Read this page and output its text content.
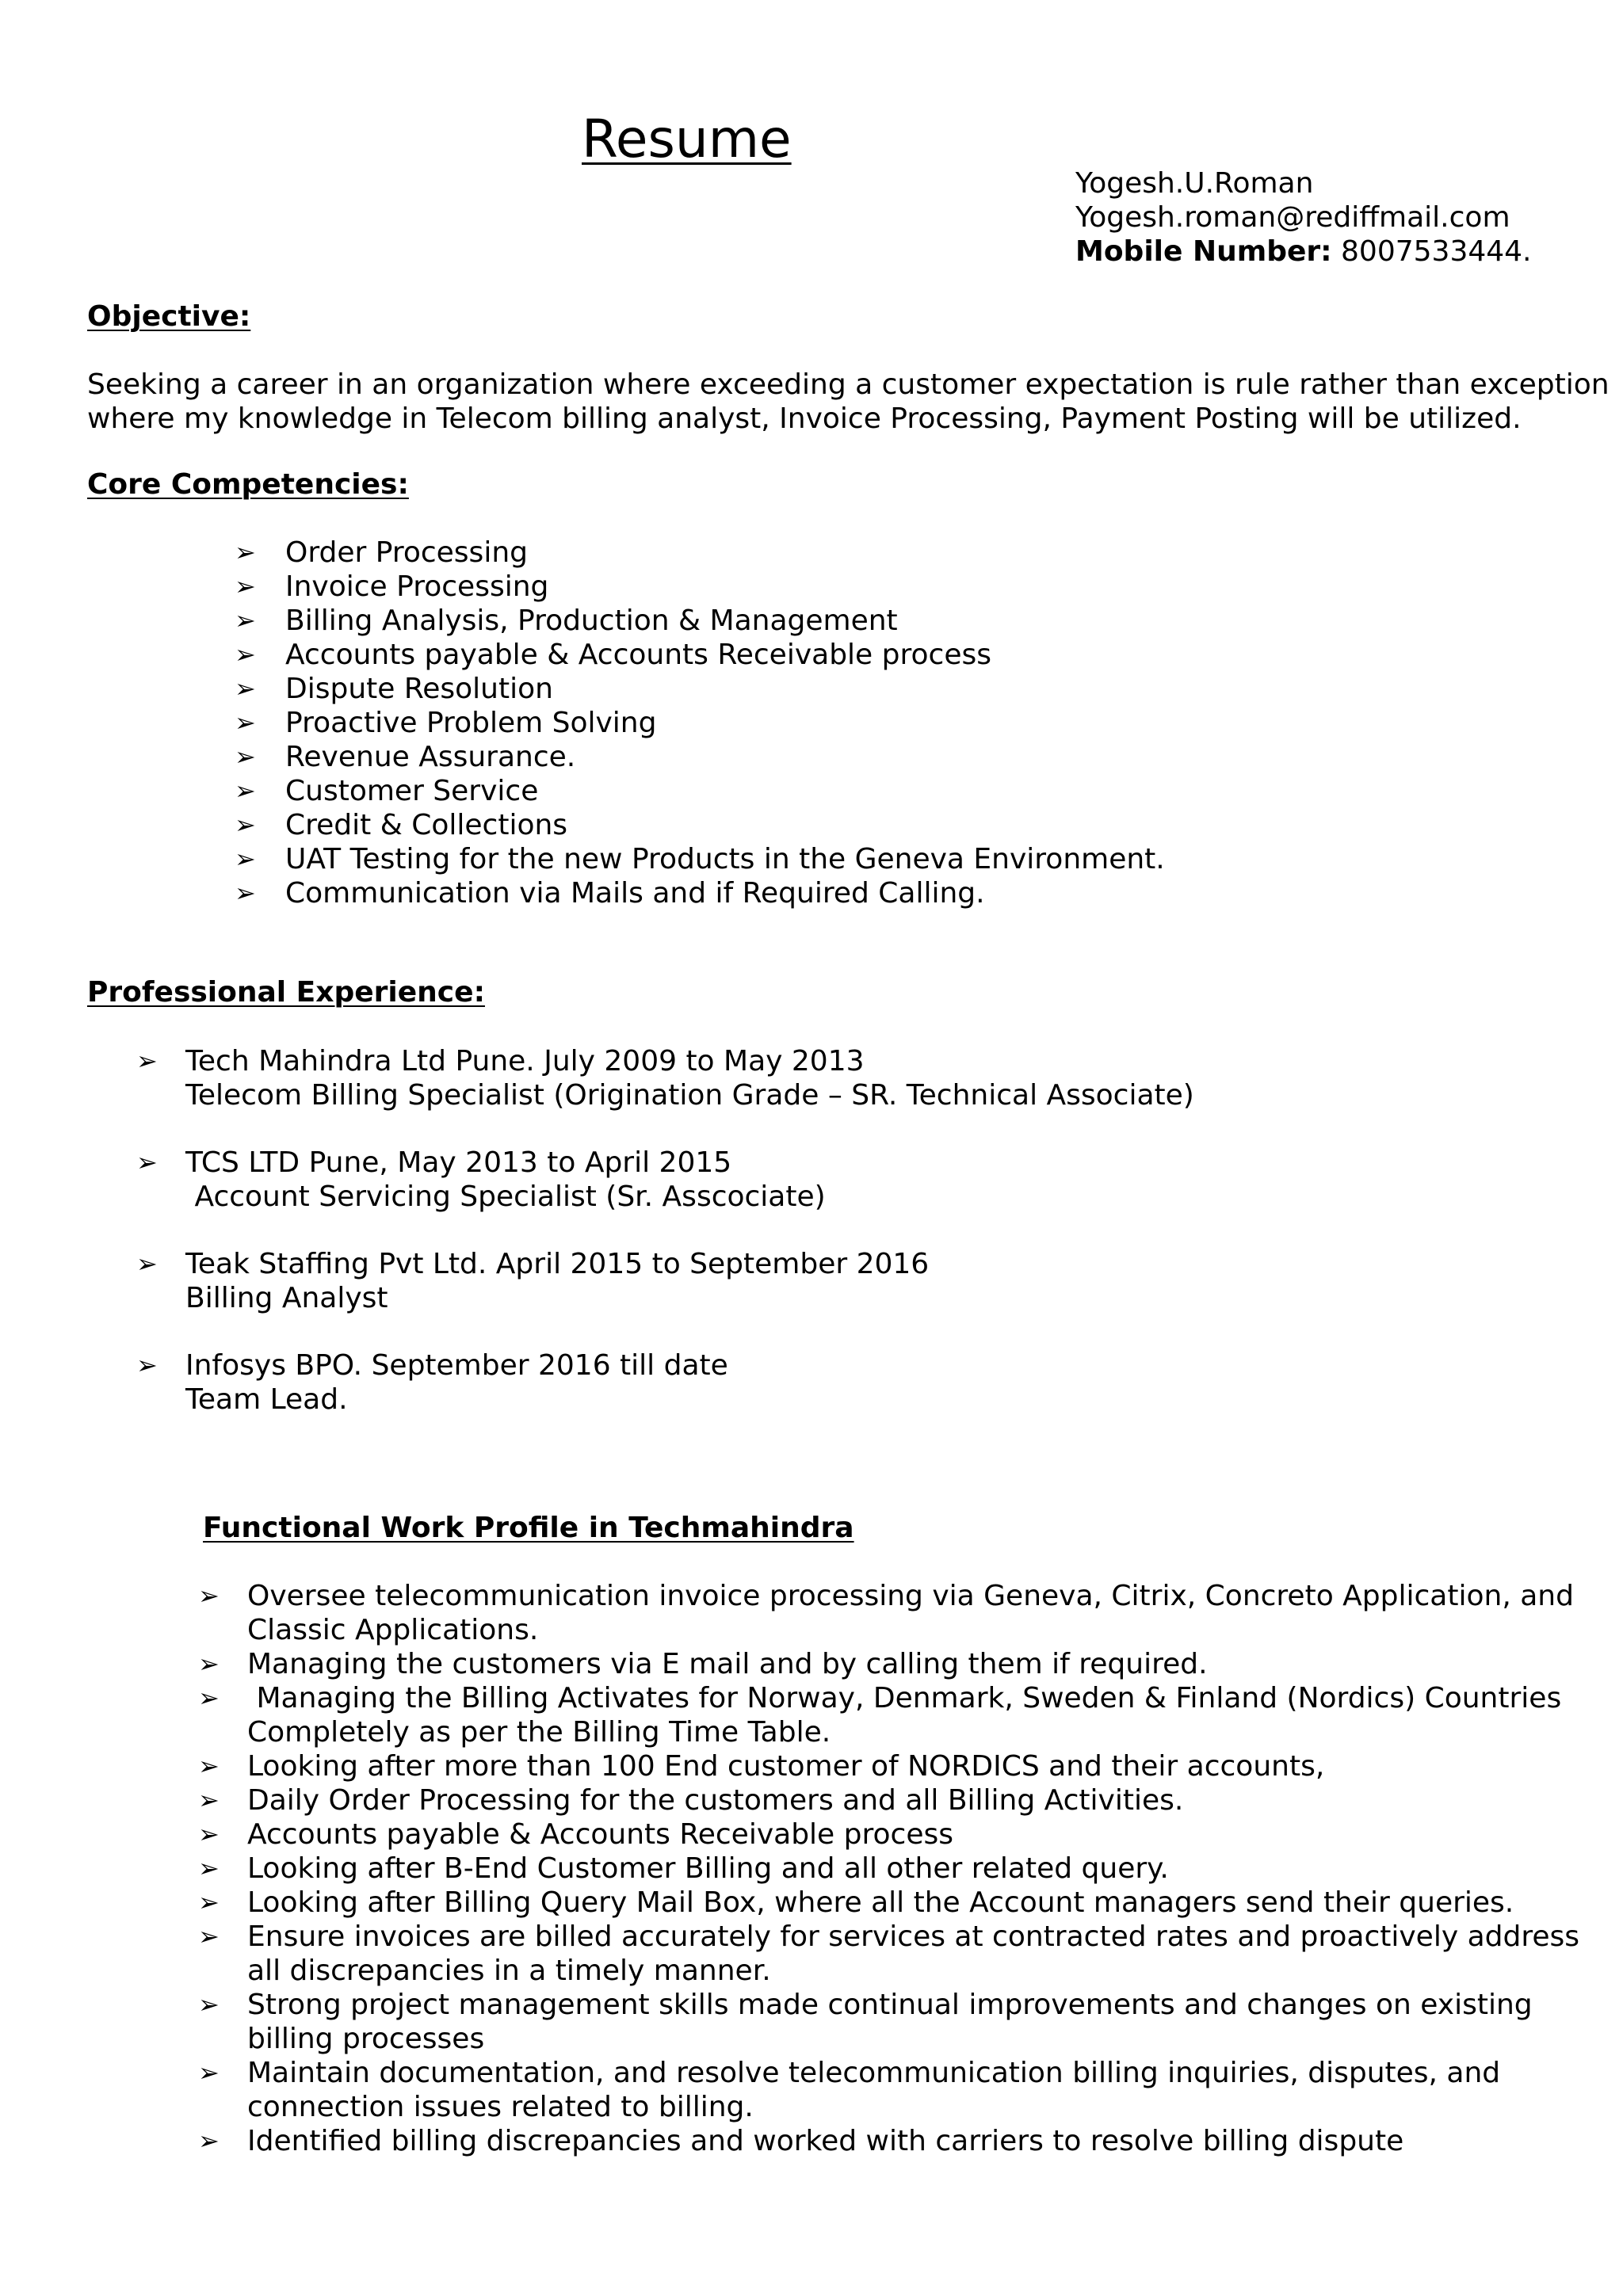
Resume
Yogesh.U.Roman
Yogesh.roman@rediffmail.com
Mobile Number: 8007533444.
Objective:
Seeking a career in an organization where exceeding a customer expectation is rule rather than exception
where my knowledge in Telecom billing analyst, Invoice Processing, Payment Posting will be utilized.
Core Competencies:
➢ Order Processing
➢ Invoice Processing
➢ Billing Analysis, Production & Management
➢ Accounts payable & Accounts Receivable process
➢ Dispute Resolution
➢ Proactive Problem Solving
➢ Revenue Assurance.
➢ Customer Service
➢ Credit & Collections
➢ UAT Testing for the new Products in the Geneva Environment.
➢ Communication via Mails and if Required Calling.
Professional Experience:
➢ Tech Mahindra Ltd Pune. July 2009 to May 2013
Telecom Billing Specialist (Origination Grade – SR. Technical Associate)
➢ TCS LTD Pune, May 2013 to April 2015
Account Servicing Specialist (Sr. Asscociate)
➢ Teak Staffing Pvt Ltd. April 2015 to September 2016
Billing Analyst
➢ Infosys BPO. September 2016 till date
Team Lead.
Functional Work Profile in Techmahindra
➢ Oversee telecommunication invoice processing via Geneva, Citrix, Concreto Application, and
Classic Applications.
➢ Managing the customers via E mail and by calling them if required.
➢ Managing the Billing Activates for Norway, Denmark, Sweden & Finland (Nordics) Countries
Completely as per the Billing Time Table.
➢ Looking after more than 100 End customer of NORDICS and their accounts,
➢ Daily Order Processing for the customers and all Billing Activities.
➢ Accounts payable & Accounts Receivable process
➢ Looking after B-End Customer Billing and all other related query.
➢ Looking after Billing Query Mail Box, where all the Account managers send their queries.
➢ Ensure invoices are billed accurately for services at contracted rates and proactively address
all discrepancies in a timely manner.
➢ Strong project management skills made continual improvements and changes on existing
billing processes
➢ Maintain documentation, and resolve telecommunication billing inquiries, disputes, and
connection issues related to billing.
➢ Identified billing discrepancies and worked with carriers to resolve billing dispute
